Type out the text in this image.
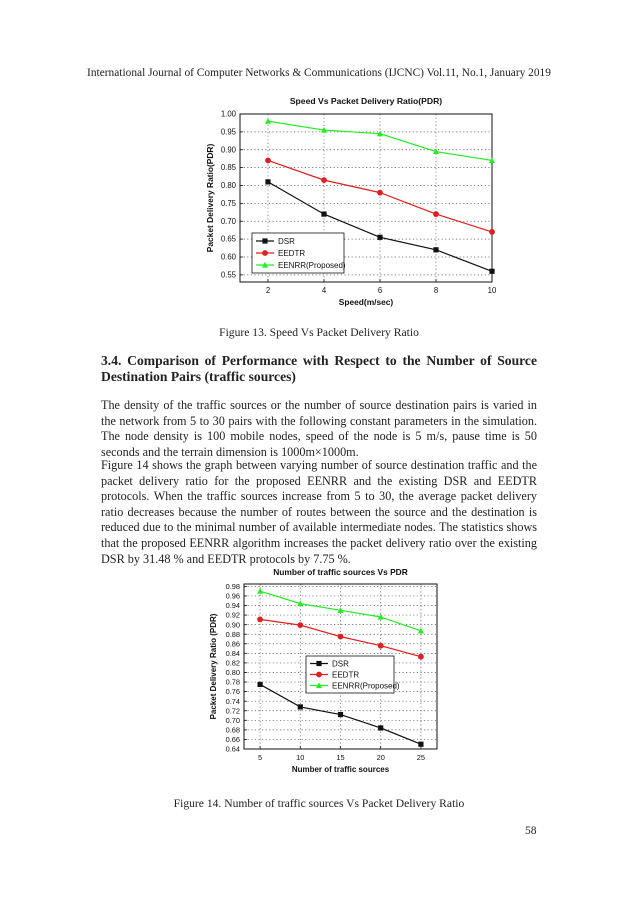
International Journal of Computer Networks & Communications (IJCNC) Vol.11, No.1, January 2019
Speed Vs Packet Delivery Ratio(PDR)
0.55
0.60
0.65
0.70
0.75
0.80
0.85
0.90
0.95
1.00
2	4	6	8	10
Speed(m/sec)
Packet Delivery Ratio(PDR)	DSR
EEDTR
EENRR(Proposed)
Figure 13. Speed Vs Packet Delivery Ratio
3.4. Comparison of Performance with Respect to the Number of Source Destination Pairs (traffic sources)

The density of the traffic sources or the number of source destination pairs is varied in the network from 5 to 30 pairs with the following constant parameters in the simulation. The node density is 100 mobile nodes, speed of the node is 5 m/s, pause time is 50 seconds and the terrain dimension is 1000m×1000m.

Figure 14 shows the graph between varying number of source destination traffic and the packet delivery ratio for the proposed EENRR and the existing DSR and EEDTR protocols. When the traffic sources increase from 5 to 30, the average packet delivery ratio decreases because the number of routes between the source and the destination is reduced due to the minimal number of available intermediate nodes. The statistics shows that the proposed EENRR algorithm increases the packet delivery ratio over the existing DSR by 31.48 % and EEDTR protocols by 7.75 %.

Number of traffic sources Vs PDR
0.64
0.66
0.68
0.70
0.72
0.74
0.76
0.78
0.80
0.82
0.84
0.86
0.88
0.90
0.92
0.94
0.96
0.98
5	10	15	20	25
Number of traffic sources
Packet Delivery Ratio (PDR)	DSR
EEDTR
EENRR(Proposed)
Figure 14. Number of traffic sources Vs Packet Delivery Ratio
58
